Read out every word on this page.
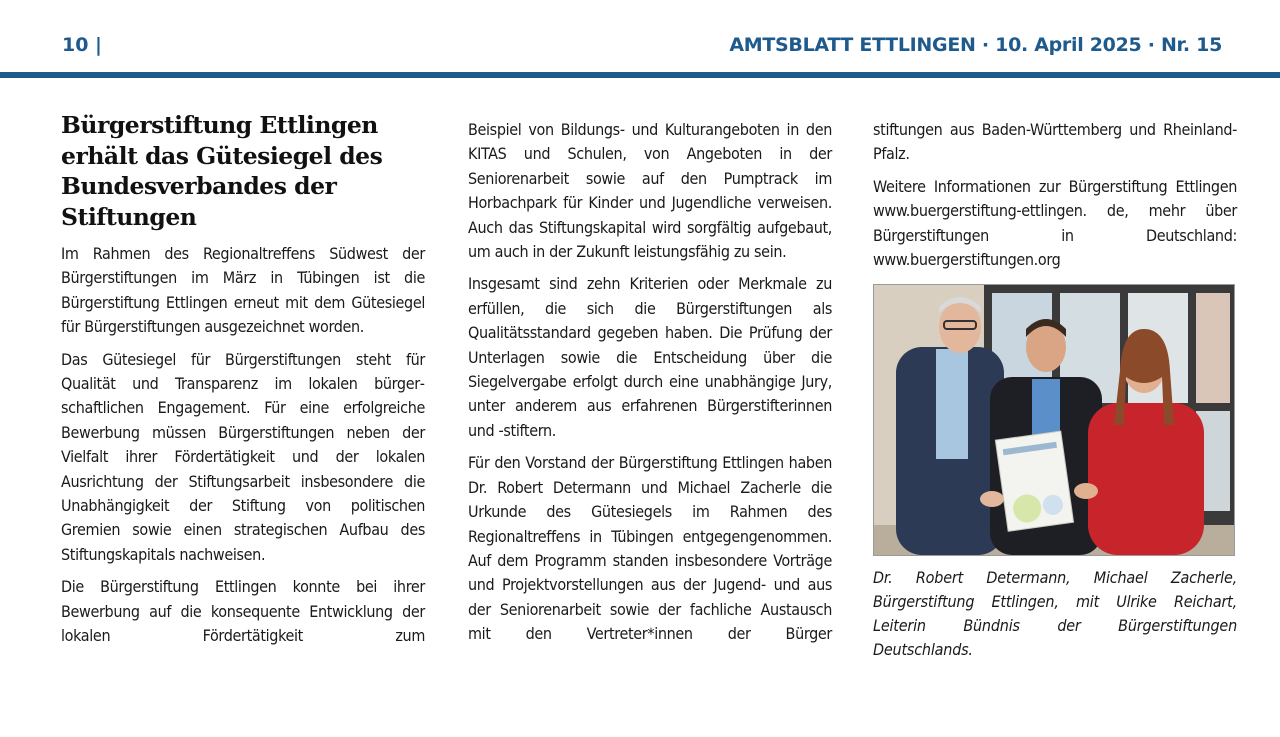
10 |	AMTSBLATT ETTLINGEN · 10. April 2025 · Nr. 15
Bürgerstiftung Ettlingen erhält das Gütesiegel des Bundesverbandes der Stiftungen

Im Rahmen des Regionaltreffens Südwest der Bürgerstiftungen im März in Tübingen ist die Bürgerstiftung Ettlingen erneut mit dem Gütesiegel für Bürgerstiftungen ausgezeichnet worden.

Das Gütesiegel für Bürgerstiftungen steht für Qualität und Transparenz im lokalen bürgerschaftlichen Engagement. Für eine erfolgreiche Bewerbung müssen Bürgerstiftungen neben der Vielfalt ihrer Fördertätigkeit und der lokalen Ausrichtung der Stiftungsarbeit insbesondere die Unabhängigkeit der Stiftung von politischen Gremien sowie einen strategischen Aufbau des Stiftungskapitals nachweisen.

Die Bürgerstiftung Ettlingen konnte bei ihrer Bewerbung auf die konsequente Entwicklung der lokalen Fördertätigkeit zum

Beispiel von Bildungs- und Kulturangeboten in den KITAS und Schulen, von Angeboten in der Seniorenarbeit sowie auf den Pumptrack im Horbachpark für Kinder und Jugendliche verweisen. Auch das Stiftungskapital wird sorgfältig aufgebaut, um auch in der Zukunft leistungsfähig zu sein.

Insgesamt sind zehn Kriterien oder Merkmale zu erfüllen, die sich die Bürgerstiftungen als Qualitätsstandard gegeben haben. Die Prüfung der Unterlagen sowie die Entscheidung über die Siegelvergabe erfolgt durch eine unabhängige Jury, unter anderem aus erfahrenen Bürgerstifterinnen und -stiftern.

Für den Vorstand der Bürgerstiftung Ettlingen haben Dr. Robert Determann und Michael Zacherle die Urkunde des Gütesiegels im Rahmen des Regionaltreffens in Tübingen entgegengenommen. Auf dem Programm standen insbesondere Vorträge und Projektvorstellungen aus der Jugend- und aus der Seniorenarbeit sowie der fachliche Austausch mit den Vertreter*innen der Bürger

stiftungen aus Baden-Württemberg und Rheinland-Pfalz.

Weitere Informationen zur Bürgerstiftung Ettlingen www.buergerstiftung-ettlingen. de, mehr über Bürgerstiftungen in Deutschland: www.buergerstiftungen.org

Dr. Robert Determann, Michael Zacherle, Bürgerstiftung Ettlingen, mit Ulrike Reichart, Leiterin Bündnis der Bürgerstiftungen Deutschlands.
